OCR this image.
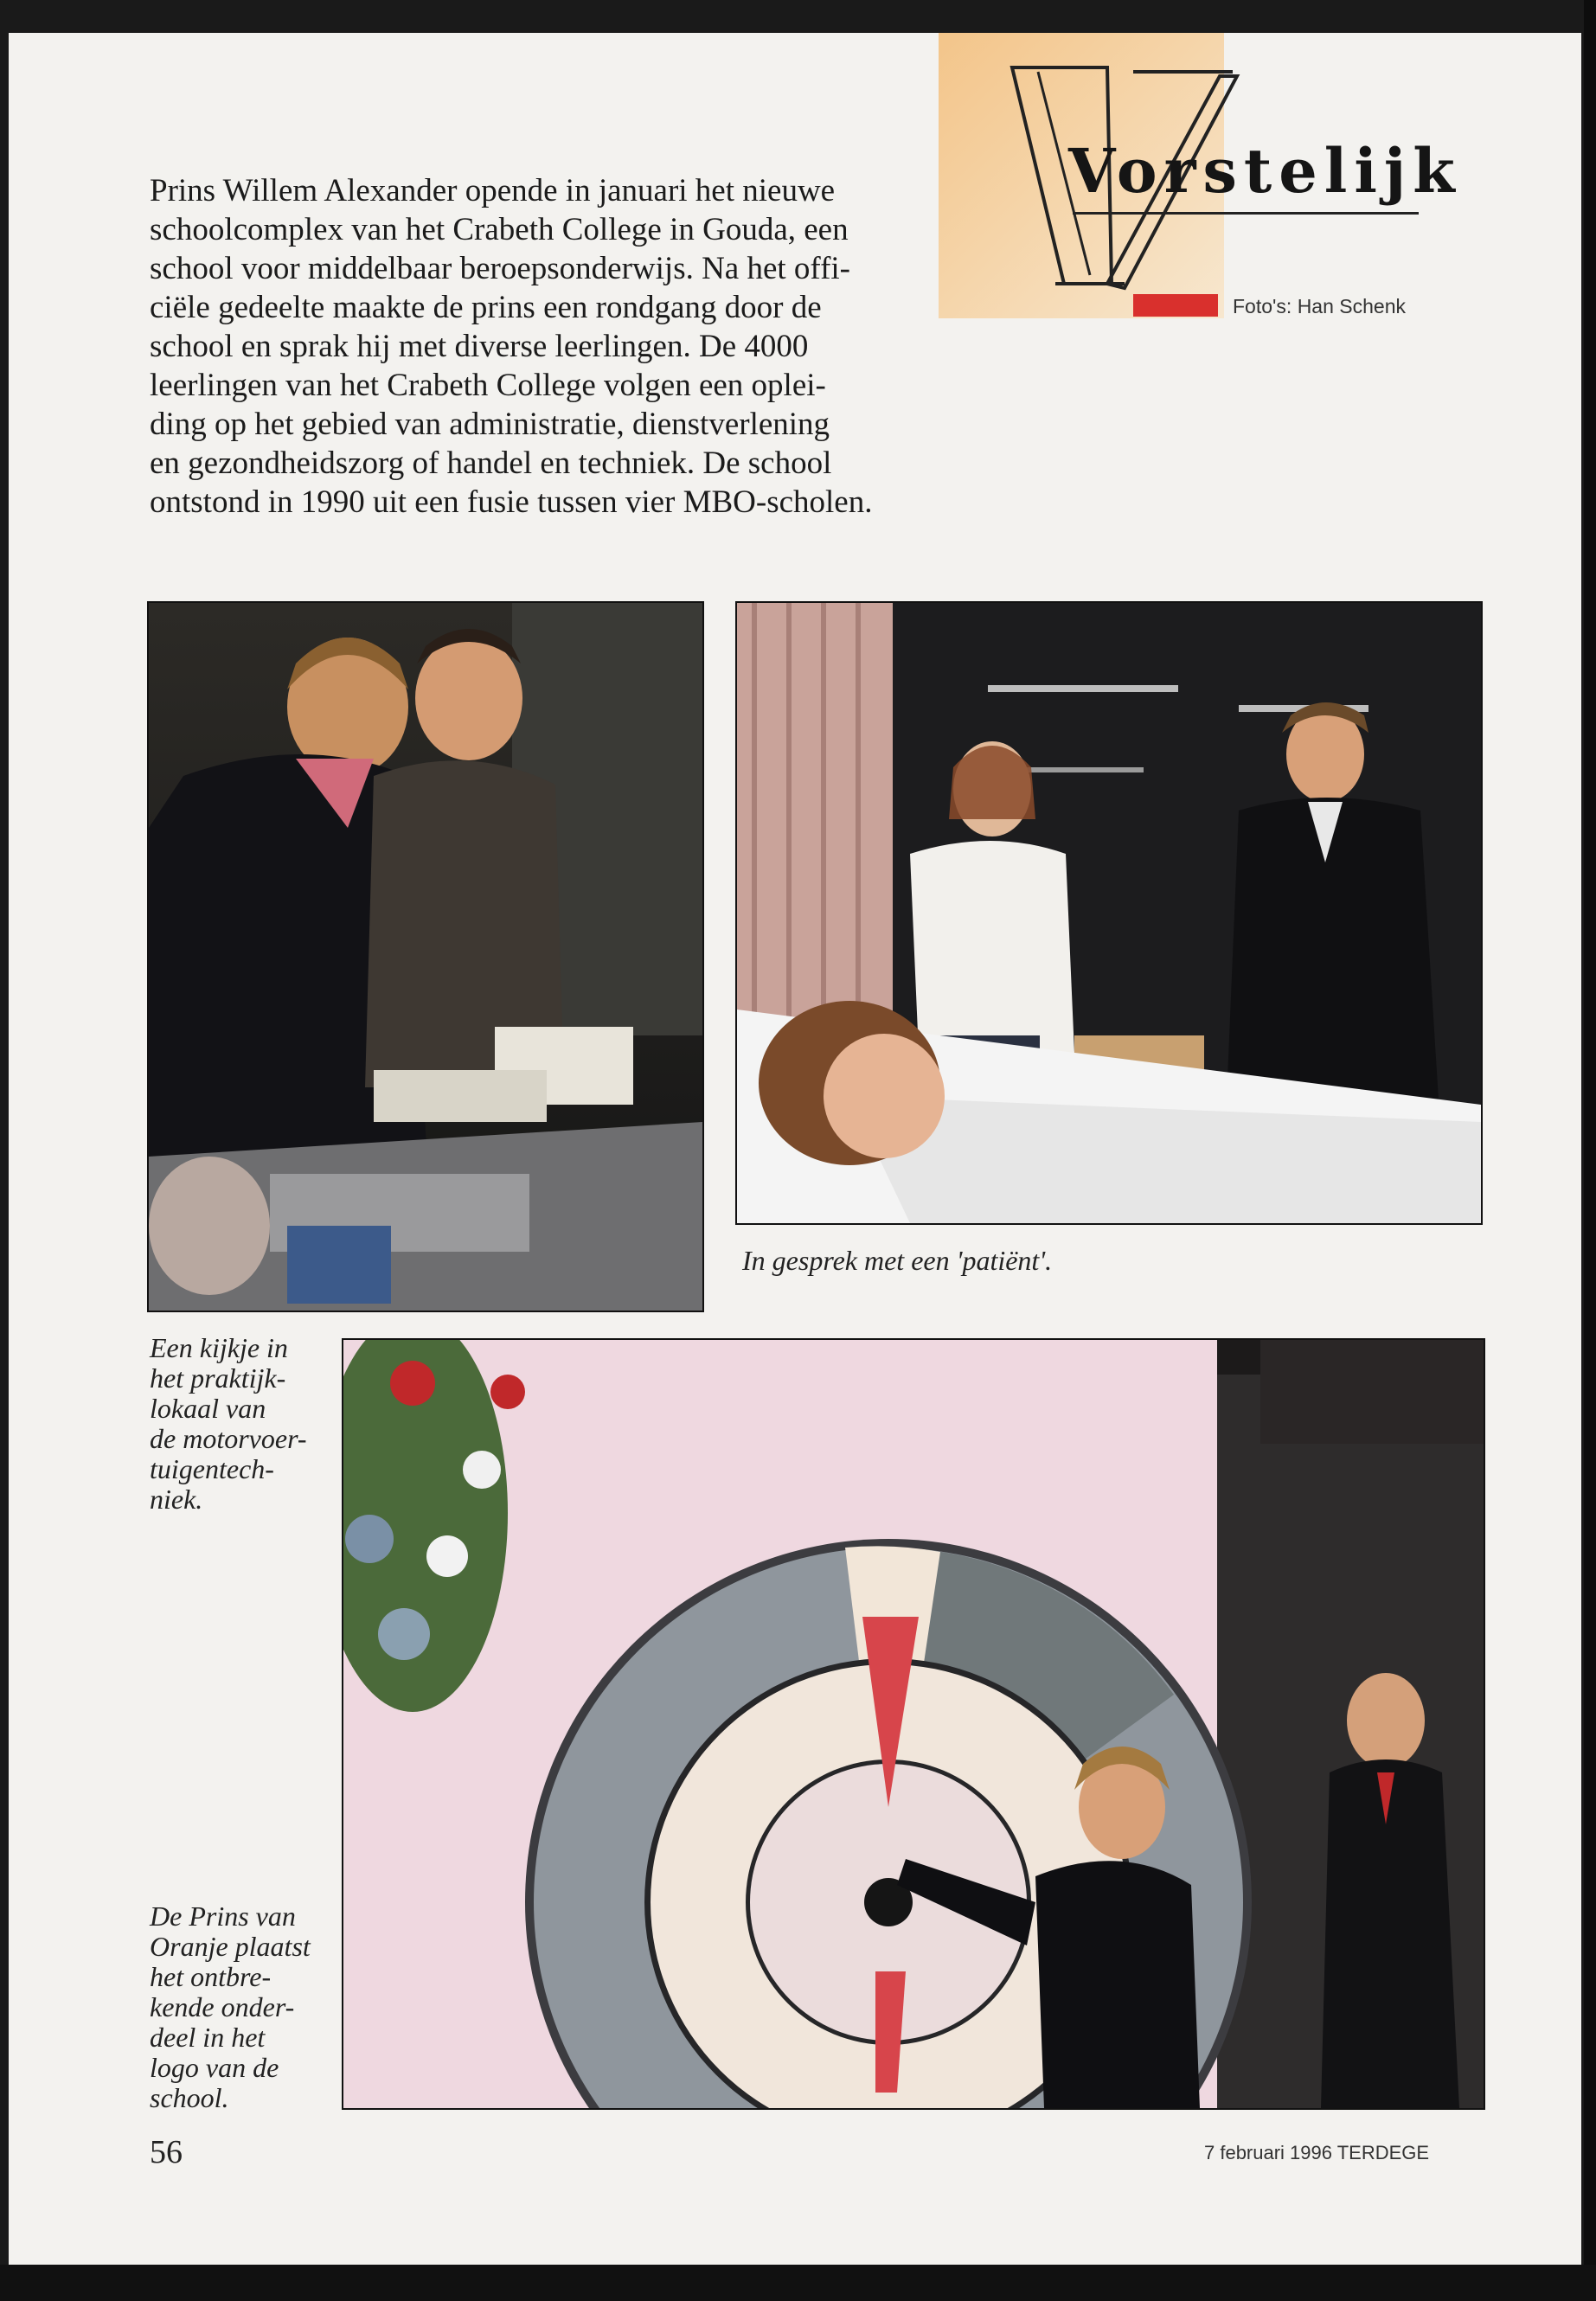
Prins Willem Alexander opende in januari het nieuwe
schoolcomplex van het Crabeth College in Gouda, een
school voor middelbaar beroepsonderwijs. Na het offi-
ciële gedeelte maakte de prins een rondgang door de
school en sprak hij met diverse leerlingen. De 4000
leerlingen van het Crabeth College volgen een oplei-
ding op het gebied van administratie, dienstverlening
en gezondheidszorg of handel en techniek. De school
ontstond in 1990 uit een fusie tussen vier MBO-scholen.

Vorstelijk
Foto's: Han Schenk

Een kijkje in
het praktijk-
lokaal van
de motorvoer-
tuigentech-
niek.

In gesprek met een 'patiënt'.

De Prins van
Oranje plaatst
het ontbre-
kende onder-
deel in het
logo van de
school.

56	7 februari 1996 TERDEGE
